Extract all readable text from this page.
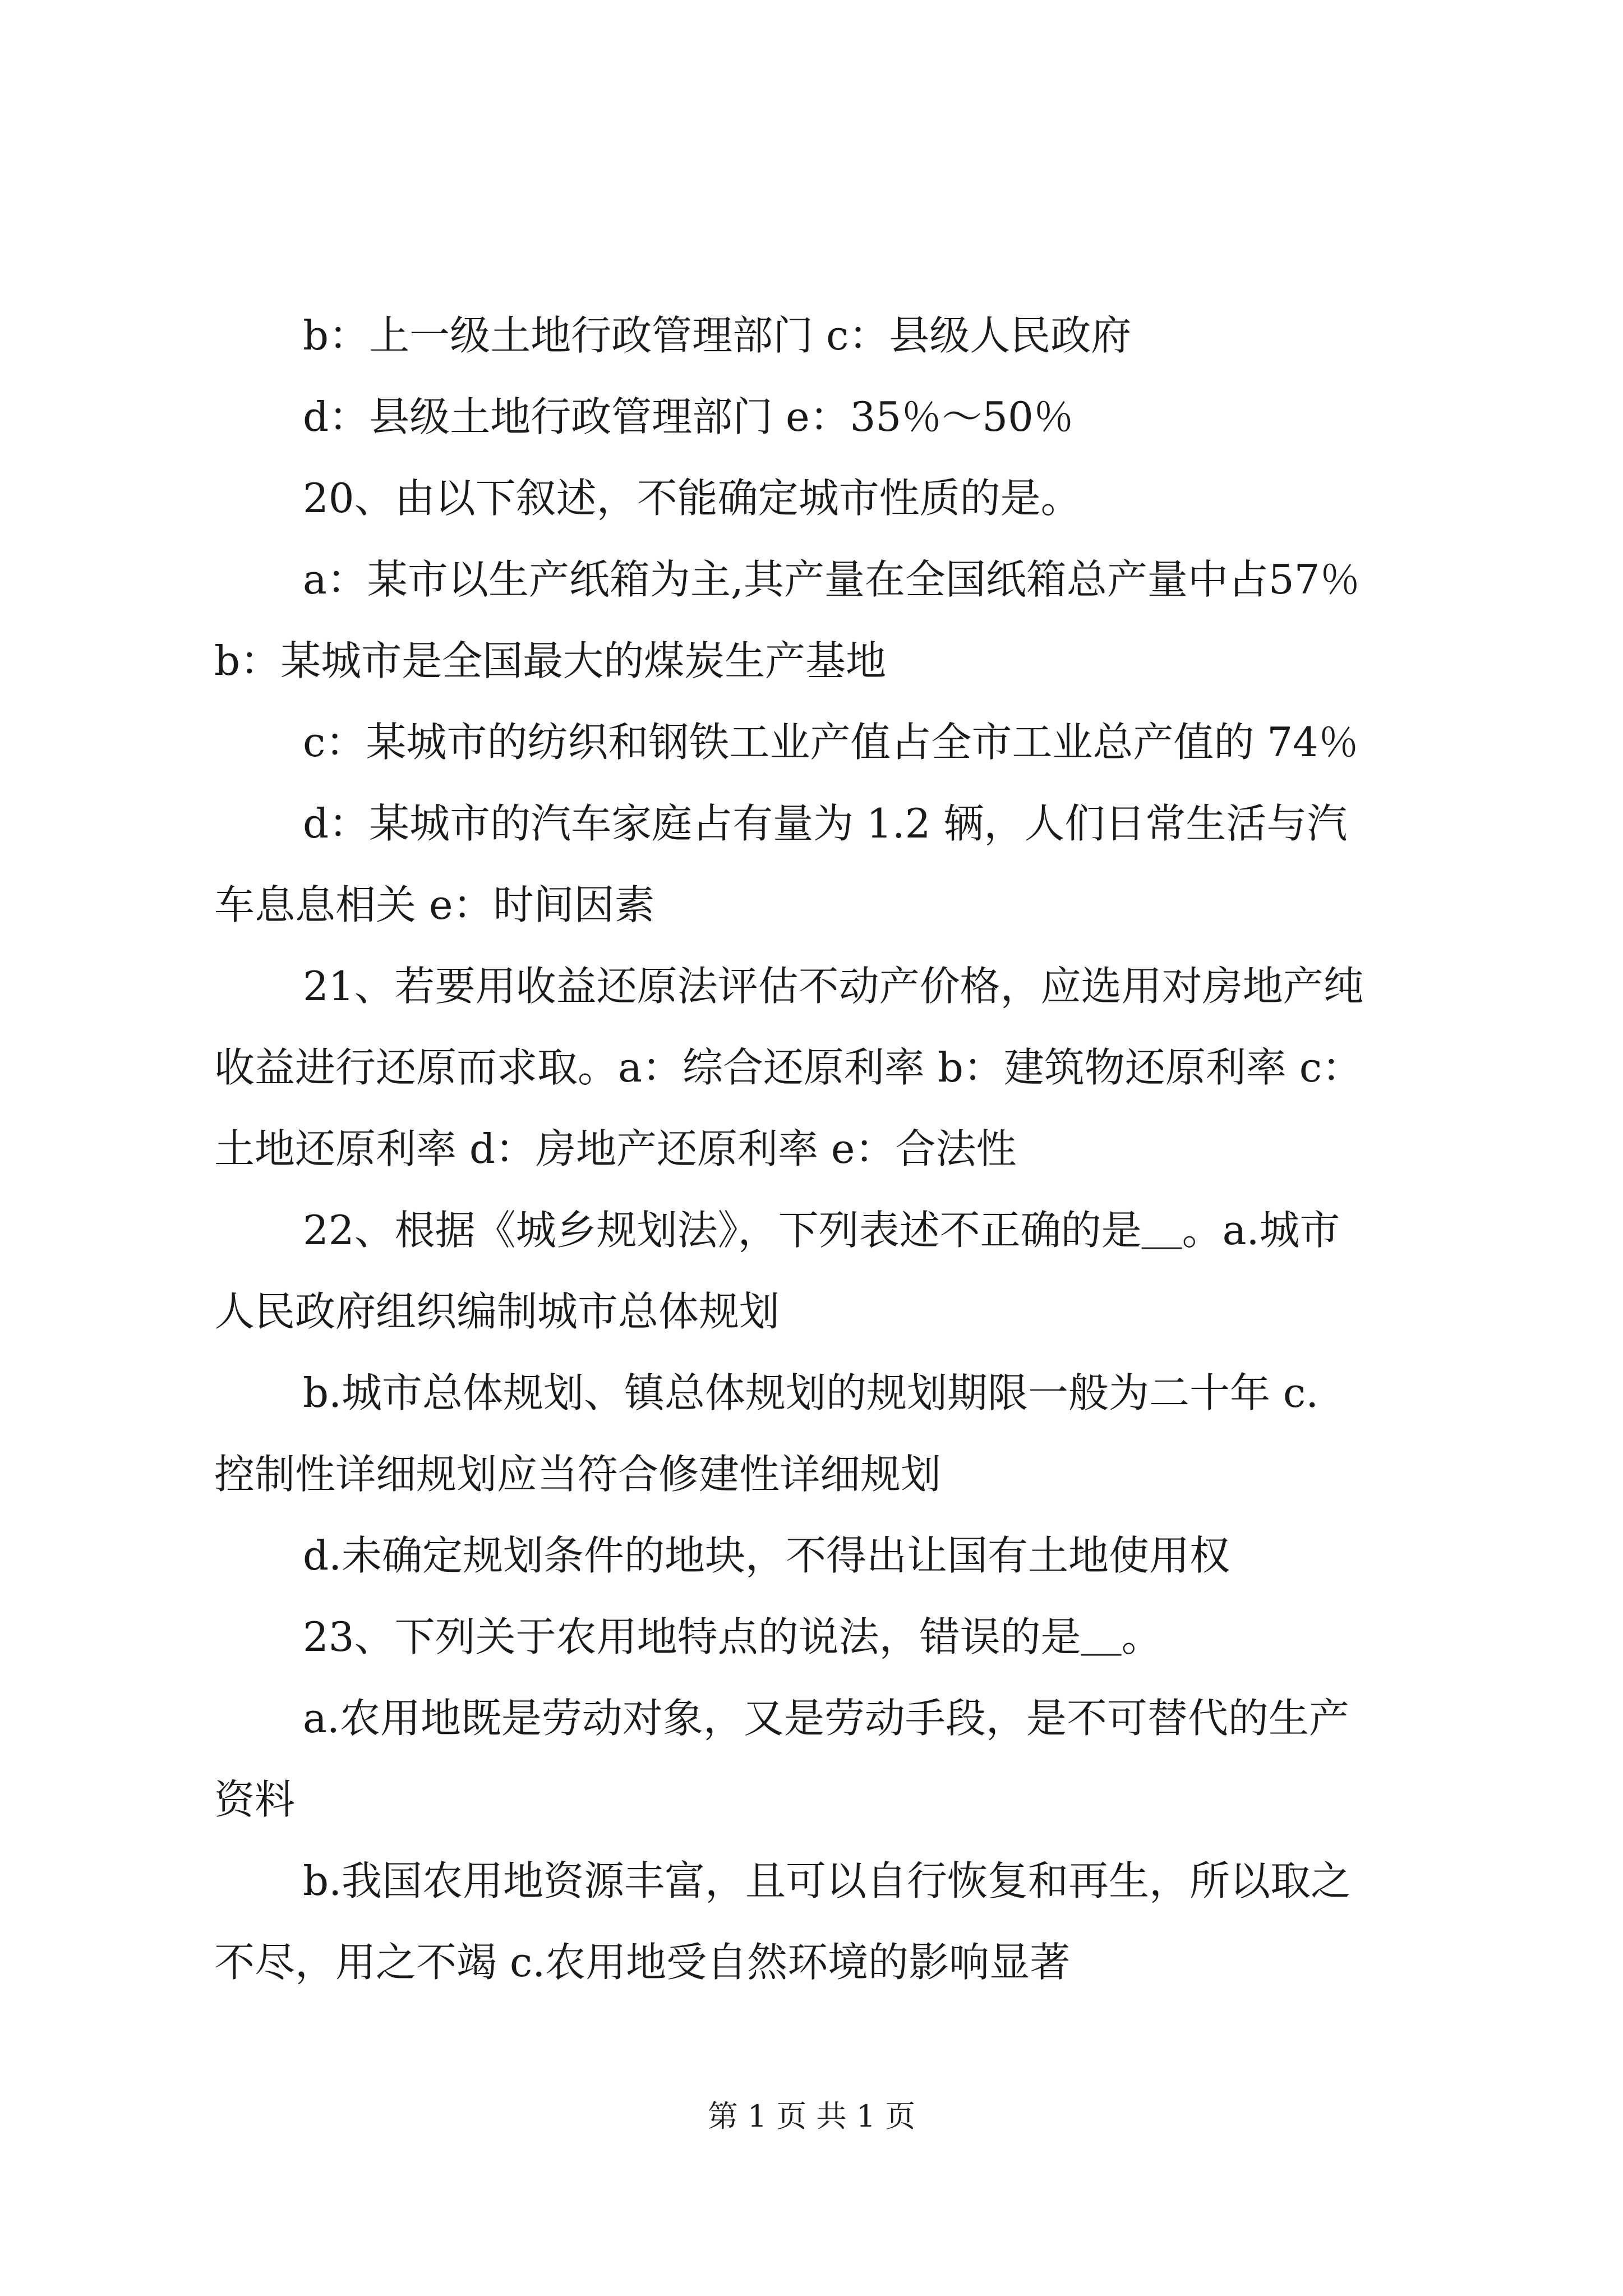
b：上一级土地行政管理部门 c：县级人民政府
d：县级土地行政管理部门 e：35％～50％
20、由以下叙述，不能确定城市性质的是。
a：某市以生产纸箱为主,其产量在全国纸箱总产量中占57％
b：某城市是全国最大的煤炭生产基地
c：某城市的纺织和钢铁工业产值占全市工业总产值的 74％
d：某城市的汽车家庭占有量为 1.2 辆，人们日常生活与汽
车息息相关 e：时间因素
21、若要用收益还原法评估不动产价格，应选用对房地产纯
收益进行还原而求取。a：综合还原利率 b：建筑物还原利率 c：
土地还原利率 d：房地产还原利率 e：合法性
22、根据《城乡规划法》，下列表述不正确的是＿。a.城市
人民政府组织编制城市总体规划
b.城市总体规划、镇总体规划的规划期限一般为二十年 c.
控制性详细规划应当符合修建性详细规划
d.未确定规划条件的地块，不得出让国有土地使用权
23、下列关于农用地特点的说法，错误的是＿。
a.农用地既是劳动对象，又是劳动手段，是不可替代的生产
资料
b.我国农用地资源丰富，且可以自行恢复和再生，所以取之
不尽，用之不竭 c.农用地受自然环境的影响显著
第 1 页 共 1 页
